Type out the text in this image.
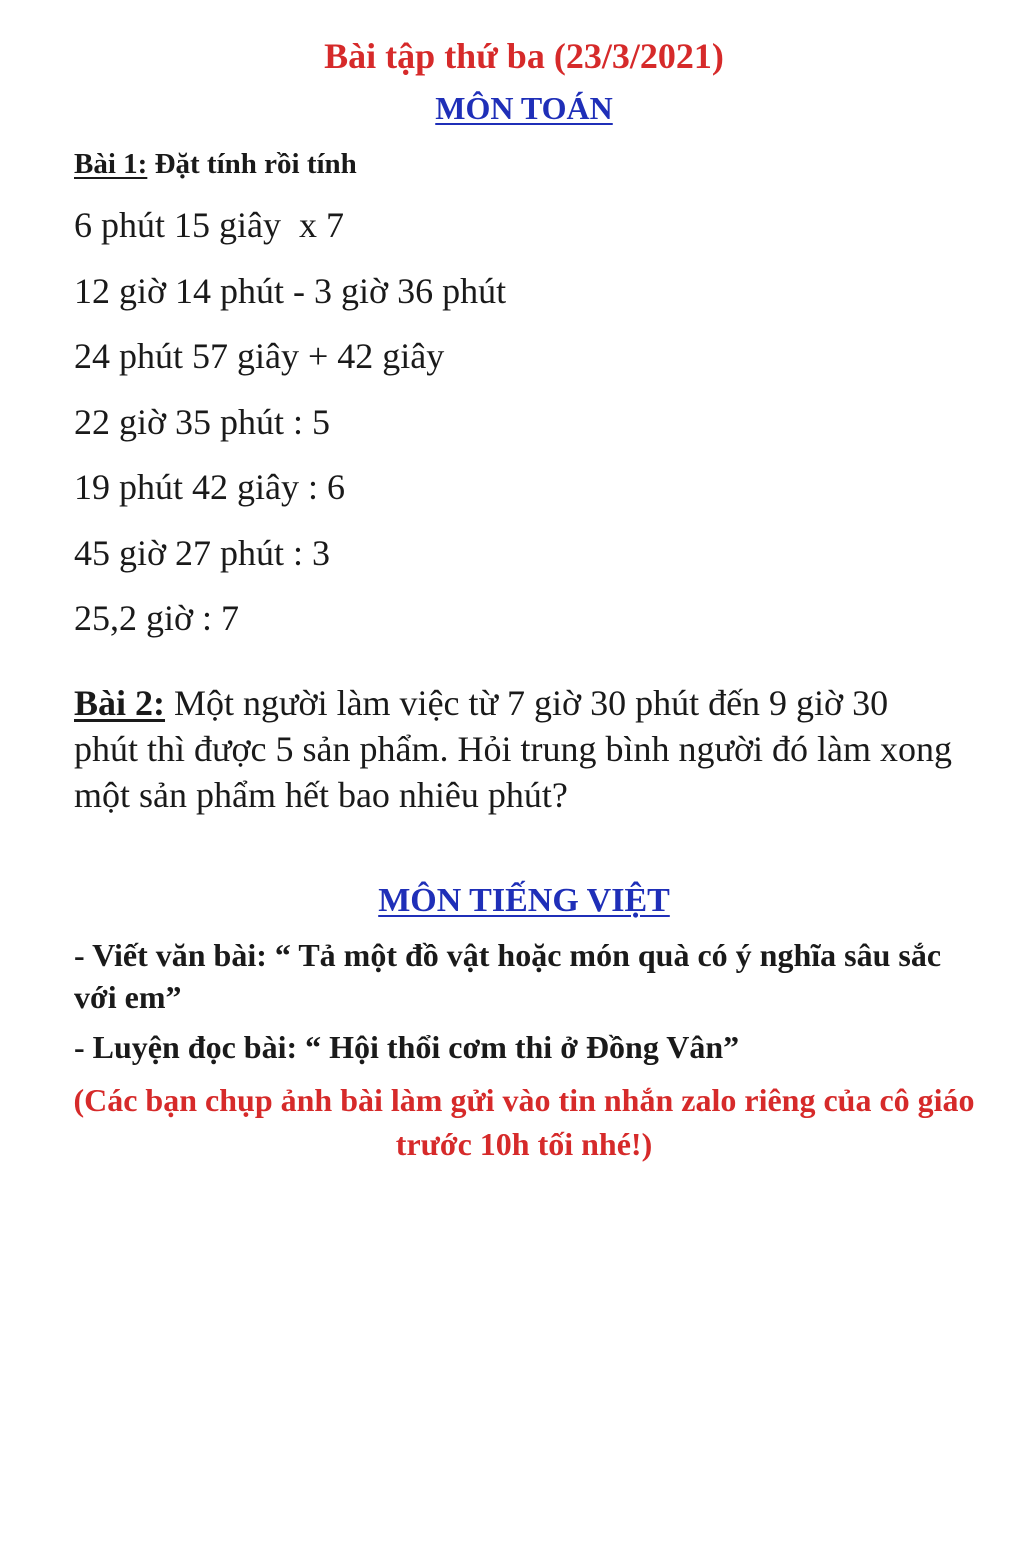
Bài tập thứ ba (23/3/2021)
MÔN TOÁN
Bài 1: Đặt tính rồi tính
6 phút 15 giây  x 7
12 giờ 14 phút - 3 giờ 36 phút
24 phút 57 giây + 42 giây
22 giờ 35 phút : 5
19 phút 42 giây : 6
45 giờ 27 phút : 3
25,2 giờ : 7
Bài 2: Một người làm việc từ 7 giờ 30 phút đến 9 giờ 30 phút thì được 5 sản phẩm. Hỏi trung bình người đó làm xong một sản phẩm hết bao nhiêu phút?
MÔN TIẾNG VIỆT
- Viết văn bài: “ Tả một đồ vật hoặc món quà có ý nghĩa sâu sắc với em”
- Luyện đọc bài: “ Hội thổi cơm thi ở Đồng Vân”
(Các bạn chụp ảnh bài làm gửi vào tin nhắn zalo riêng của cô giáo trước 10h tối nhé!)
